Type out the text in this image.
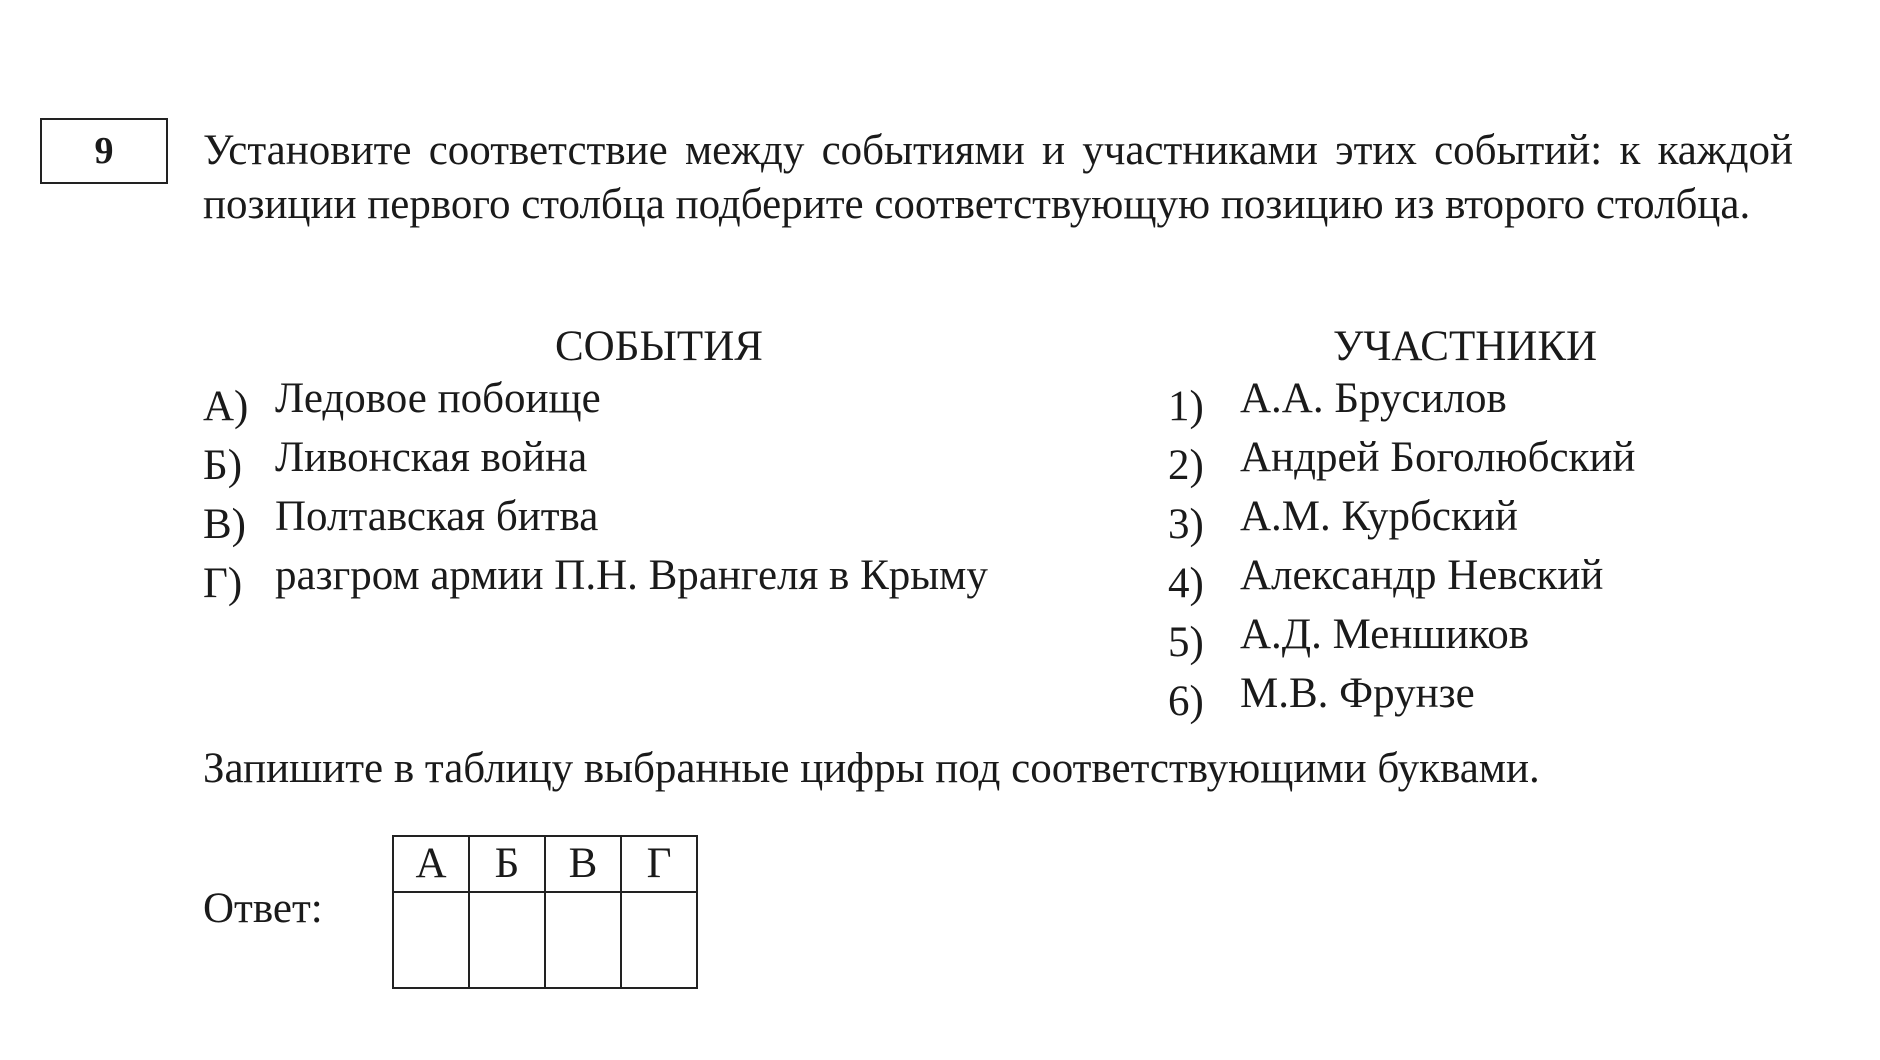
9 Установите соответствие между событиями и участниками этих событий: к каждой позиции первого столбца подберите соответствующую позицию из второго столбца.

СОБЫТИЯ	УЧАСТНИКИ

А) Ледовое побоище
Б) Ливонская война
В) Полтавская битва
Г) разгром армии П.Н. Врангеля в Крыму
1) А.А. Брусилов
2) Андрей Боголюбский
3) А.М. Курбский
4) Александр Невский
5) А.Д. Меншиков
6) М.В. Фрунзе

Запишите в таблицу выбранные цифры под соответствующими буквами.

Ответ:

А	Б	В	Г
